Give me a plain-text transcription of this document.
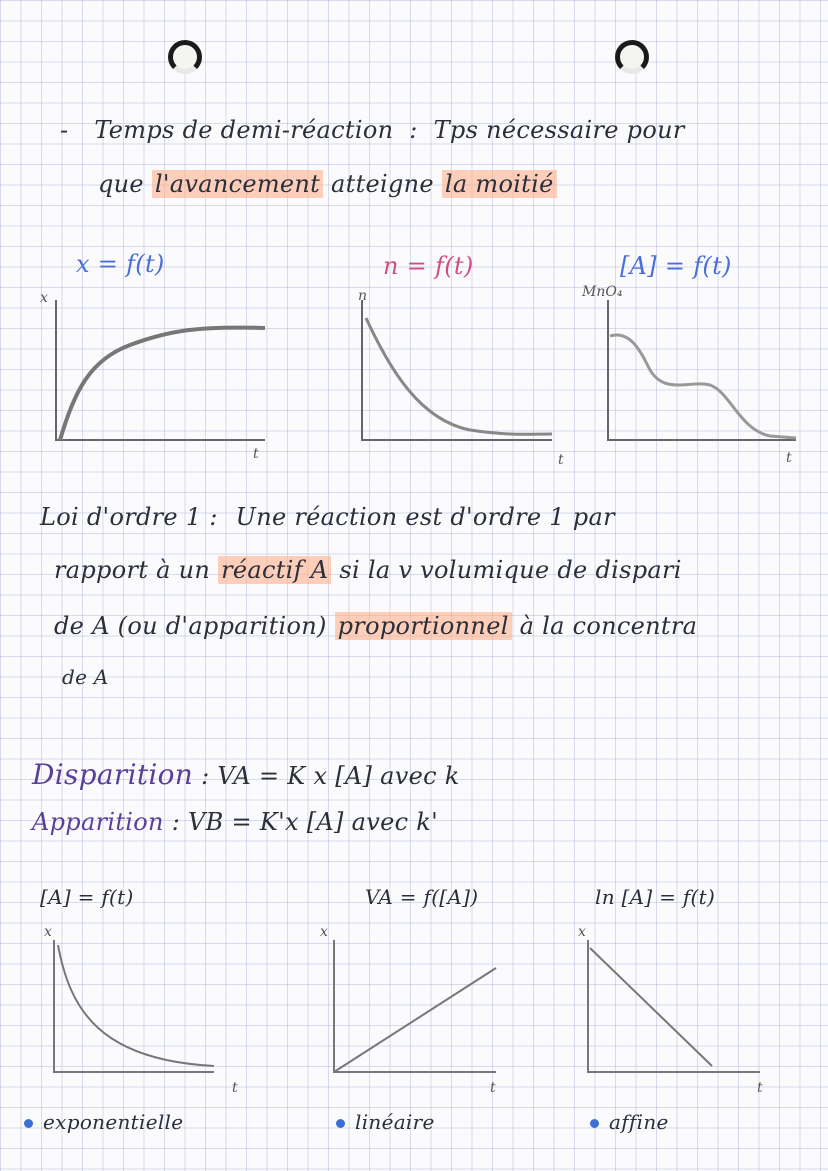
- Temps de demi-réaction : Tps nécessaire pour
que l'avancement atteigne la moitié
x = f(t)	n = f(t)	[A] = f(t)
x	n	MnO₄
t	t	t
Loi d'ordre 1 : Une réaction est d'ordre 1 par
rapport à un réactif A si la v volumique de dispari
de A (ou d'apparition) proportionnel à la concentra
de A
Disparition : VA = K x [A] avec k
Apparition : VB = K'x [A] avec k'
[A] = f(t)	VA = f([A])	ln [A] = f(t)
x	x	x
t	t	t
exponentielle	linéaire	affine
